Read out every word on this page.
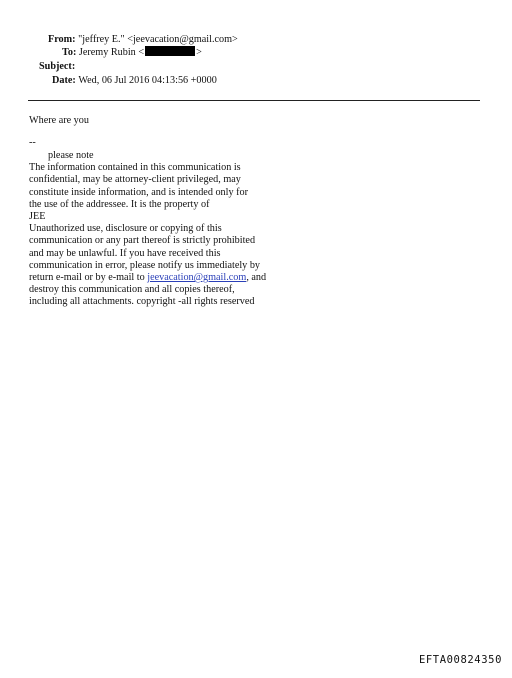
From: "jeffrey E." <jeevacation@gmail.com>
To: Jeremy Rubin <	>
Subject:
Date: Wed, 06 Jul 2016 04:13:56 +0000
Where are you
--
please note
The information contained in this communication is
confidential, may be attorney-client privileged, may
constitute inside information, and is intended only for
the use of the addressee. It is the property of
JEE
Unauthorized use, disclosure or copying of this
communication or any part thereof is strictly prohibited
and may be unlawful. If you have received this
communication in error, please notify us immediately by
return e-mail or by e-mail to jeevacation@gmail.com, and
destroy this communication and all copies thereof,
including all attachments. copyright -all rights reserved
EFTA00824350
